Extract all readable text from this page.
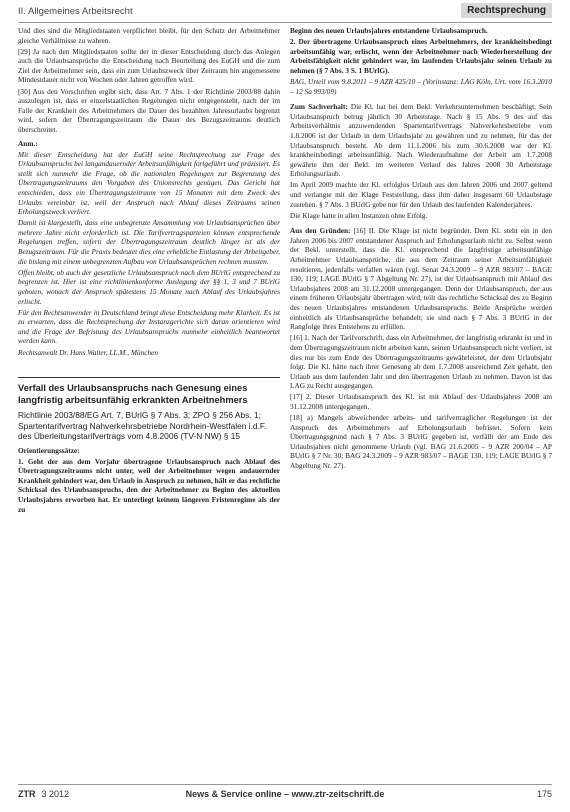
II. Allgemeines Arbeitsrecht	Rechtsprechung

Und dies sind die Mitgliedstaaten verpflichtet bleibt, für den Schutz der Arbeitnehmer gleiche Verhältnisse zu wahren.

[29] Ja nach den Mitgliedstaaten sollte der in dieser Entscheidung durch das Anlegen auch die Urlaubsansprüche die Entscheidung nach Beurteilung des EuGH und die zum Ziel der Arbeitnehmer sein, dass ein zum Urlaubszweck über Zeitraum hin angemessene Mindestdauer nicht von Wochen oder Jahren getroffen wird.

[30] Aus den Vorschriften ergibt sich, dass Art. 7 Abs. 1 der Richtlinie 2003/88 dahin auszulegen ist, dass er einzelstaatlichen Regelungen nicht entgegensteht, nach der im Falle der Krankheit des Arbeitnehmers die Dauer des bezahlten Jahresurlaubs begrenzt wird, sofern der Übertragungszeitraum die Dauer des Bezugszeitraums deutlich überschreitet.

Anm.:

Mit dieser Entscheidung hat der EuGH seine Rechtsprechung zur Frage des Urlaubsanspruchs bei langandauernder Arbeitsunfähigkeit fortgeführt und präzisiert. Es stellt sich nunmehr die Frage, ob die nationalen Regelungen zur Begrenzung des Übertragungszeitraums den Vorgaben des Unionsrechts genügen. Das Gericht hat entschieden, dass ein Übertragungszeitraum von 15 Monaten mit dem Zweck des Urlaubs vereinbar ist, weil der Anspruch nach Ablauf dieses Zeitraums seinen Erholungszweck verliert.

Damit ist klargestellt, dass eine unbegrenzte Ansammlung von Urlaubsansprüchen über mehrere Jahre nicht erforderlich ist. Die Tarifvertragsparteien können entsprechende Regelungen treffen, sofern der Übertragungszeitraum deutlich länger ist als der Bezugszeitraum. Für die Praxis bedeutet dies eine erhebliche Entlastung der Arbeitgeber, die bislang mit einem unbegrenzten Aufbau von Urlaubsansprüchen rechnen mussten.

Offen bleibt, ob auch der gesetzliche Urlaubsanspruch nach dem BUrlG entsprechend zu begrenzen ist. Hier ist eine richtlinienkonforme Auslegung der §§ 1, 3 und 7 BUrlG geboten, wonach der Anspruch spätestens 15 Monate nach Ablauf des Urlaubsjahres erlischt.

Für den Rechtsanwender in Deutschland bringt diese Entscheidung mehr Klarheit. Es ist zu erwarten, dass die Rechtsprechung der Instanzgerichte sich daran orientieren wird und die Frage der Befristung des Urlaubsanspruchs nunmehr einheitlich beantwortet werden kann.

Rechtsanwalt Dr. Hans Walter, LL.M., München

Verfall des Urlaubsanspruchs nach Genesung eines langfristig arbeitsunfähig erkrankten Arbeitnehmers

Richtlinie 2003/88/EG Art. 7, BUrlG § 7 Abs. 3; ZPO § 256 Abs. 1; Spartentarifvertrag Nahverkehrsbetriebe Nordrhein-Westfalen i.d.F. des Überleitungstarifvertrags vom 4.8.2006 (TV-N NW) § 15

Orientierungssätze:

1. Geht der aus dem Vorjahr übertragene Urlaubsanspruch nach Ablauf des Übertragungszeitraums nicht unter, weil der Arbeitnehmer wegen andauernder Krankheit gehindert war, den Urlaub in Anspruch zu nehmen, hält er das rechtliche Schicksal des Urlaubsanspruchs, den der Arbeitnehmer zu Beginn des aktuellen Urlaubsjahres erworben hat. Er unterliegt keinem längeren Fristenregime als der zu

Beginn des neuen Urlaubsjahres entstandene Urlaubsanspruch.

2. Der übertragene Urlaubsanspruch eines Arbeitnehmers, der krankheitsbedingt arbeitsunfähig war, erlischt, wenn der Arbeitnehmer nach Wiederherstellung der Arbeitsfähigkeit nicht gehindert war, im laufenden Urlaubsjahr seinen Urlaub zu nehmen (§ 7 Abs. 3 S. 1 BUrlG).

BAG, Urteil vom 9.8.2011 – 9 AZR 425/10 – (Vorinstanz: LAG Köln, Urt. vom 16.3.2010 – 12 Sa 993/09)

Zum Sachverhalt: Die Kl. hat bei dem Bekl. Verkehrsunternehmen beschäftigt. Sein Urlaubsanspruch betrug jährlich 30 Arbeitstage. Nach § 15 Abs. 9 des auf das Arbeitsverhältnis anzuwendenden Spartentarifvertrags Nahverkehrsbetriebe vom 1.8.2006 ist der Urlaub in dem Urlaubsjahr zu gewähren und zu nehmen, für das der Urlaubsanspruch besteht. Ab dem 11.1.2006 bis zum 30.6.2008 war der Kl. krankheitsbedingt arbeitsunfähig. Nach Wiederaufnahme der Arbeit am 1.7.2008 gewährte ihm der Bekl. im weiteren Verlauf des Jahres 2008 30 Arbeitstage Erholungsurlaub.

Im April 2009 machte der Kl. erfolglos Urlaub aus den Jahren 2006 und 2007 geltend und verlangte mit der Klage Feststellung, dass ihm daher insgesamt 60 Urlaubstage zustehen. § 7 Abs. 3 BUrlG gebe nur für den Urlaub des laufenden Kalenderjahres.

Die Klage hatte in allen Instanzen ohne Erfolg.

Aus den Gründen: [16] II. Die Klage ist nicht begründet. Dem Kl. steht ein in den Jahren 2006 bis 2007 entstandener Anspruch auf Erholungsurlaub nicht zu. Selbst wenn der Bekl. unterstellt, dass die Kl. entsprechend die langfristige arbeitsunfähige Arbeitnehmer Urlaubsansprüche, die aus dem Zeitraum seiner Arbeitsunfähigkeit resultieren, jedenfalls verfallen wären (vgl. Senat 24.3.2009 – 9 AZR 983/07 – BAGE 130, 119; LAGE BUrlG § 7 Abgeltung Nr. 27), ist der Urlaubsanspruch mit Ablauf des Urlaubsjahres 2008 am 31.12.2008 untergegangen. Denn der Urlaubsanspruch, der aus einem früheren Urlaubsjahr übertragen wird, teilt das rechtliche Schicksal des zu Beginn des neuen Urlaubsjahres entstandenen Urlaubsanspruchs. Beide Ansprüche werden einheitlich als Urlaubsansprüche behandelt; sie sind nach § 7 Abs. 3 BUrlG in der Rangfolge ihres Entstehens zu erfüllen.

[16] 1. Nach der Tarifvorschrift, dass ein Arbeitnehmer, der langfristig erkrankt ist und in dem Übertragungszeitraum nicht arbeiten kann, seinen Urlaubsanspruch nicht verliert, ist dies nur bis zum Ende des Übertragungszeitraums gewährleistet, der dem Urlaubsjahr folgt. Die Kl. hätte nach ihrer Genesung ab dem 1.7.2008 ausreichend Zeit gehabt, den Urlaub aus dem laufenden Jahr und den übertragenen Urlaub zu nehmen. Davon ist das LAG zu Recht ausgegangen.

[17] 2. Dieser Urlaubsanspruch des Kl. ist mit Ablauf des Urlaubsjahres 2008 am 31.12.2008 untergegangen.

[18] a) Mangels abweichender arbeits- und tarifvertraglicher Regelungen ist der Anspruch des Arbeitnehmers auf Erholungsurlaub befristet. Sofern kein Übertragungsgrund nach § 7 Abs. 3 BUrlG gegeben ist, verfällt der am Ende des Urlaubsjahres nicht genommene Urlaub (vgl. BAG 21.6.2005 – 9 AZR 200/04 – AP BUrlG § 7 Nr. 30; BAG 24.3.2009 – 9 AZR 983/07 – BAGE 130, 119; LAGE BUrlG § 7 Abgeltung Nr. 27).

ZTR 3 2012	News & Service online – www.ztr-zeitschrift.de	175
